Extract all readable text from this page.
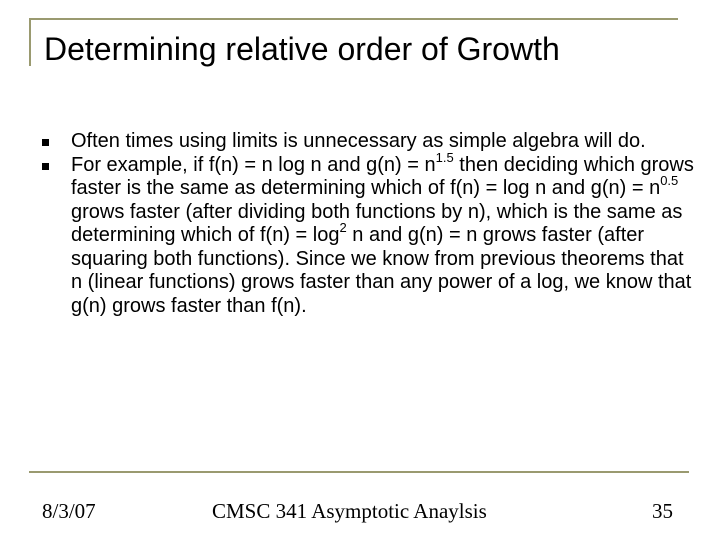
Determining relative order of Growth
Often times using limits is unnecessary as simple algebra will do.
For example, if f(n) = n log n and $g(n) = n^{1.5}$ then deciding which grows faster is the same as determining which of f(n) = log n and $g(n) = n^{0.5}$ grows faster (after dividing both functions by n), which is the same as determining which of $f(n) = \log^2 n$ and g(n) = n grows faster (after squaring both functions). Since we know from previous theorems that n (linear functions) grows faster than any power of a log, we know that g(n) grows faster than f(n).
8/3/07	CMSC 341 Asymptotic Anaylsis	35
